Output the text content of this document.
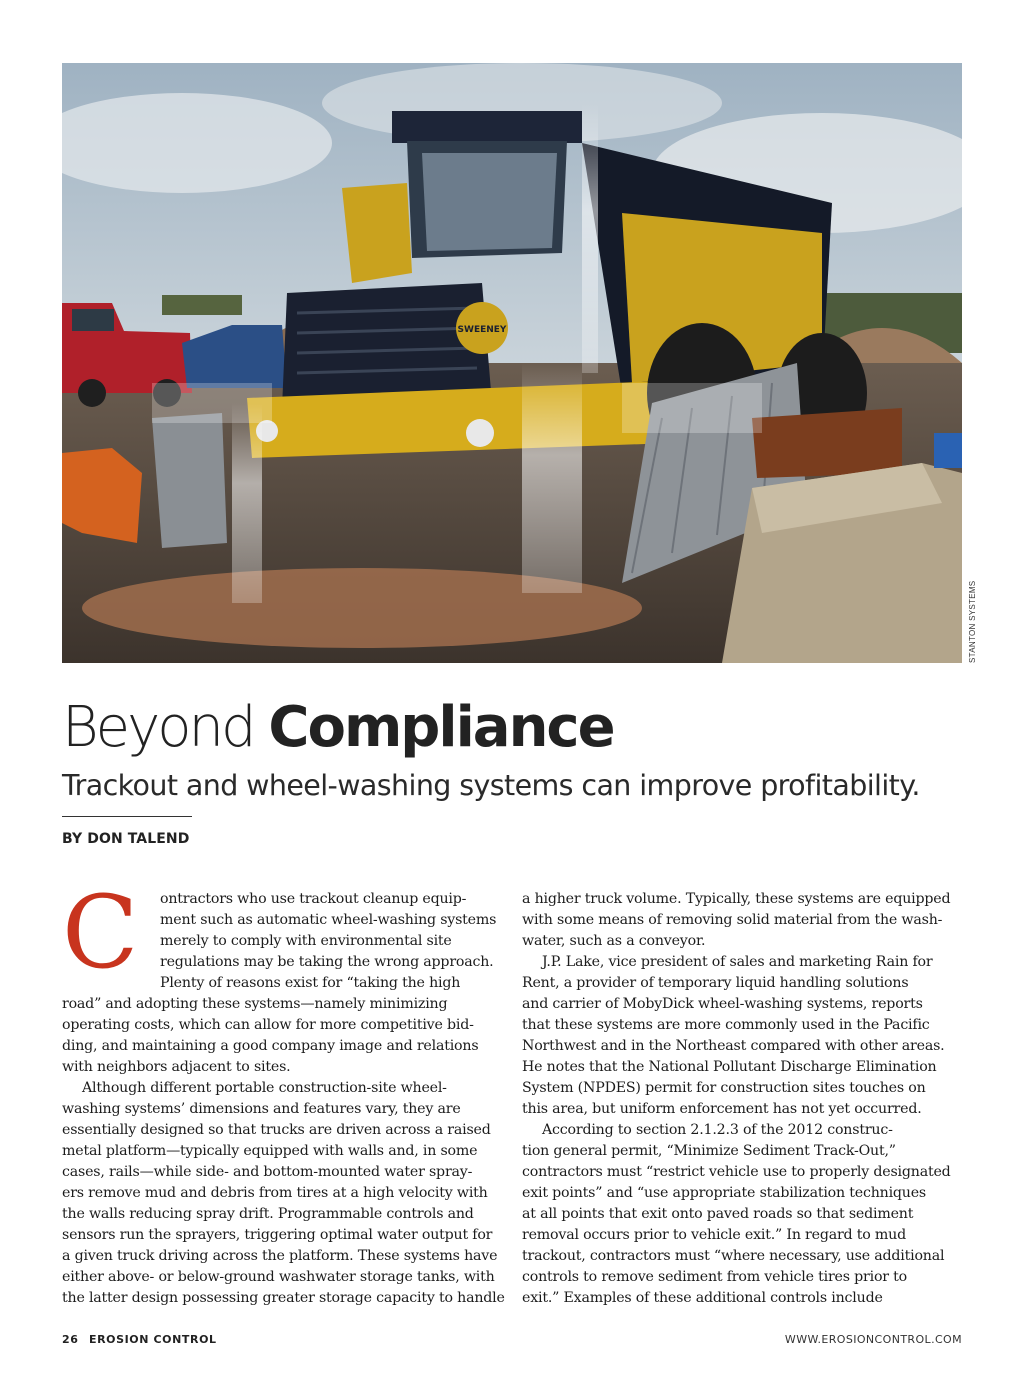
SWEENEY
STANTON SYSTEMS
Beyond Compliance
Trackout and wheel-washing systems can improve profitability.
BY DON TALEND
C	ontractors who use trackout cleanup equip-
ment such as automatic wheel-washing systems
merely to comply with environmental site
regulations may be taking the wrong approach.
Plenty of reasons exist for “taking the high
road” and adopting these systems—namely minimizing
operating costs, which can allow for more competitive bid-
ding, and maintaining a good company image and relations
with neighbors adjacent to sites.
Although different portable construction-site wheel-
washing systems’ dimensions and features vary, they are
essentially designed so that trucks are driven across a raised
metal platform—typically equipped with walls and, in some
cases, rails—while side- and bottom-mounted water spray-
ers remove mud and debris from tires at a high velocity with
the walls reducing spray drift. Programmable controls and
sensors run the sprayers, triggering optimal water output for
a given truck driving across the platform. These systems have
either above- or below-ground washwater storage tanks, with
the latter design possessing greater storage capacity to handle
a higher truck volume. Typically, these systems are equipped
with some means of removing solid material from the wash-
water, such as a conveyor.
J.P. Lake, vice president of sales and marketing Rain for
Rent, a provider of temporary liquid handling solutions
and carrier of MobyDick wheel-washing systems, reports
that these systems are more commonly used in the Pacific
Northwest and in the Northeast compared with other areas.
He notes that the National Pollutant Discharge Elimination
System (NPDES) permit for construction sites touches on
this area, but uniform enforcement has not yet occurred.
According to section 2.1.2.3 of the 2012 construc-
tion general permit, “Minimize Sediment Track-Out,”
contractors must “restrict vehicle use to properly designated
exit points” and “use appropriate stabilization techniques
at all points that exit onto paved roads so that sediment
removal occurs prior to vehicle exit.” In regard to mud
trackout, contractors must “where necessary, use additional
controls to remove sediment from vehicle tires prior to
exit.” Examples of these additional controls include
26 EROSION CONTROL	WWW.EROSIONCONTROL.COM
